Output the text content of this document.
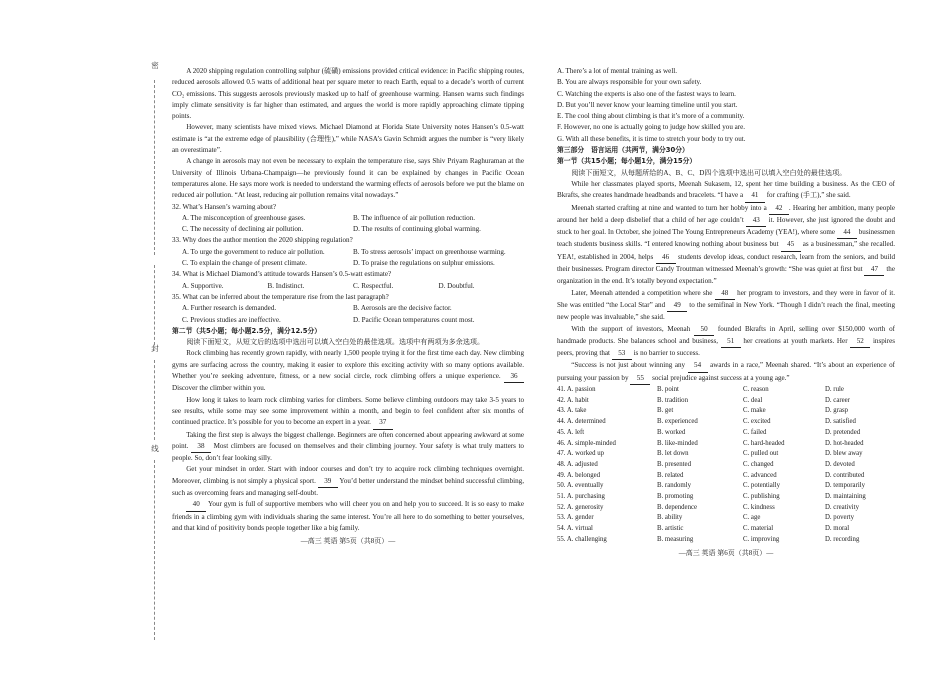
密
封
线

A 2020 shipping regulation controlling sulphur (硫磺) emissions provided critical evidence: in Pacific shipping routes, reduced aerosols allowed 0.5 watts of additional heat per square meter to reach Earth, equal to a decade’s worth of current CO₂ emissions. This suggests aerosols previously masked up to half of greenhouse warming. Hansen warns such findings imply climate sensitivity is far higher than estimated, and argues the world is more rapidly approaching climate tipping points.

However, many scientists have mixed views. Michael Diamond at Florida State University notes Hansen’s 0.5-watt estimate is “at the extreme edge of plausibility (合理性),” while NASA’s Gavin Schmidt argues the number is “very likely an overestimate”.

A change in aerosols may not even be necessary to explain the temperature rise, says Shiv Priyam Raghuraman at the University of Illinois Urbana-Champaign—he previously found it can be explained by changes in Pacific Ocean temperatures alone. He says more work is needed to understand the warming effects of aerosols before we put the blame on reduced air pollution. “At least, reducing air pollution remains vital nowadays.”

32. What’s Hansen’s warning about?

A. The misconception of greenhouse gases.	B. The influence of air pollution reduction.
C. The necessity of declining air pollution.	D. The results of continuing global warming.

33. Why does the author mention the 2020 shipping regulation?

A. To urge the government to reduce air pollution.	B. To stress aerosols’ impact on greenhouse warming.
C. To explain the change of present climate.	D. To praise the regulations on sulphur emissions.

34. What is Michael Diamond’s attitude towards Hansen’s 0.5-watt estimate?

A. Supportive.	B. Indistinct.	C. Respectful.	D. Doubtful.

35. What can be inferred about the temperature rise from the last paragraph?

A. Further research is demanded.	B. Aerosols are the decisive factor.
C. Previous studies are ineffective.	D. Pacific Ocean temperatures count most.

第二节（共5小题；每小题2.5分，满分12.5分）

阅读下面短文，从短文后的选项中选出可以填入空白处的最佳选项。选项中有两项为多余选项。

Rock climbing has recently grown rapidly, with nearly 1,500 people trying it for the first time each day. New climbing gyms are surfacing across the country, making it easier to explore this exciting activity with so many options available. Whether you’re seeking adventure, fitness, or a new social circle, rock climbing offers a unique experience. 36 Discover the climber within you.

How long it takes to learn rock climbing varies for climbers. Some believe climbing outdoors may take 3-5 years to see results, while some may see some improvement within a month, and begin to feel confident after six months of continued practice. It’s possible for you to become an expert in a year. 37

Taking the first step is always the biggest challenge. Beginners are often concerned about appearing awkward at some point. 38 Most climbers are focused on themselves and their climbing journey. Your safety is what truly matters to people. So, don’t fear looking silly.

Get your mindset in order. Start with indoor courses and don’t try to acquire rock climbing techniques overnight. Moreover, climbing is not simply a physical sport. 39 You’d better understand the mindset behind successful climbing, such as overcoming fears and managing self-doubt.

40 Your gym is full of supportive members who will cheer you on and help you to succeed. It is so easy to make friends in a climbing gym with individuals sharing the same interest. You’re all here to do something to better yourselves, and that kind of positivity bonds people together like a big family.

—高三 英语 第5页（共8页）—

A. There’s a lot of mental training as well.

B. You are always responsible for your own safety.

C. Watching the experts is also one of the fastest ways to learn.

D. But you’ll never know your learning timeline until you start.

E. The cool thing about climbing is that it’s more of a community.

F. However, no one is actually going to judge how skilled you are.

G. With all these benefits, it is time to stretch your body to try out.

第三部分　语言运用（共两节，满分30分）

第一节（共15小题；每小题1分，满分15分）

阅读下面短文，从每题所给的A、B、C、D四个选项中选出可以填入空白处的最佳选项。

While her classmates played sports, Meenah Sukasem, 12, spent her time building a business. As the CEO of Bkrafts, she creates handmade headbands and bracelets. “I have a 41 for crafting (手工),” she said.

Meenah started crafting at nine and wanted to turn her hobby into a 42 . Hearing her ambition, many people around her held a deep disbelief that a child of her age couldn’t 43 it. However, she just ignored the doubt and stuck to her goal. In October, she joined The Young Entrepreneurs Academy (YEA!), where some 44 businessmen teach students business skills. “I entered knowing nothing about business but 45 as a businessman,” she recalled. YEA!, established in 2004, helps 46 students develop ideas, conduct research, learn from the seniors, and build their businesses. Program director Candy Troutman witnessed Meenah’s growth: “She was quiet at first but 47 the organization in the end. It’s totally beyond expectation.”

Later, Meenah attended a competition where she 48 her program to investors, and they were in favor of it. She was entitled “the Local Star” and 49 to the semifinal in New York. “Though I didn’t reach the final, meeting new people was invaluable,” she said.

With the support of investors, Meenah 50 founded Bkrafts in April, selling over $150,000 worth of handmade products. She balances school and business, 51 her creations at youth markets. Her 52 inspires peers, proving that 53 is no barrier to success.

“Success is not just about winning any 54 awards in a race,” Meenah shared. “It’s about an experience of pursuing your passion by 55 social prejudice against success at a young age.”

41. A. passion	B. point	C. reason	D. rule
42. A. habit	B. tradition	C. deal	D. career
43. A. take	B. get	C. make	D. grasp
44. A. determined	B. experienced	C. excited	D. satisfied
45. A. left	B. worked	C. failed	D. pretended
46. A. simple-minded	B. like-minded	C. hard-headed	D. hot-headed
47. A. worked up	B. let down	C. pulled out	D. blew away
48. A. adjusted	B. presented	C. changed	D. devoted
49. A. belonged	B. related	C. advanced	D. contributed
50. A. eventually	B. randomly	C. potentially	D. temporarily
51. A. purchasing	B. promoting	C. publishing	D. maintaining
52. A. generosity	B. dependence	C. kindness	D. creativity
53. A. gender	B. ability	C. age	D. poverty
54. A. virtual	B. artistic	C. material	D. moral
55. A. challenging	B. measuring	C. improving	D. recording
—高三 英语 第6页（共8页）—
